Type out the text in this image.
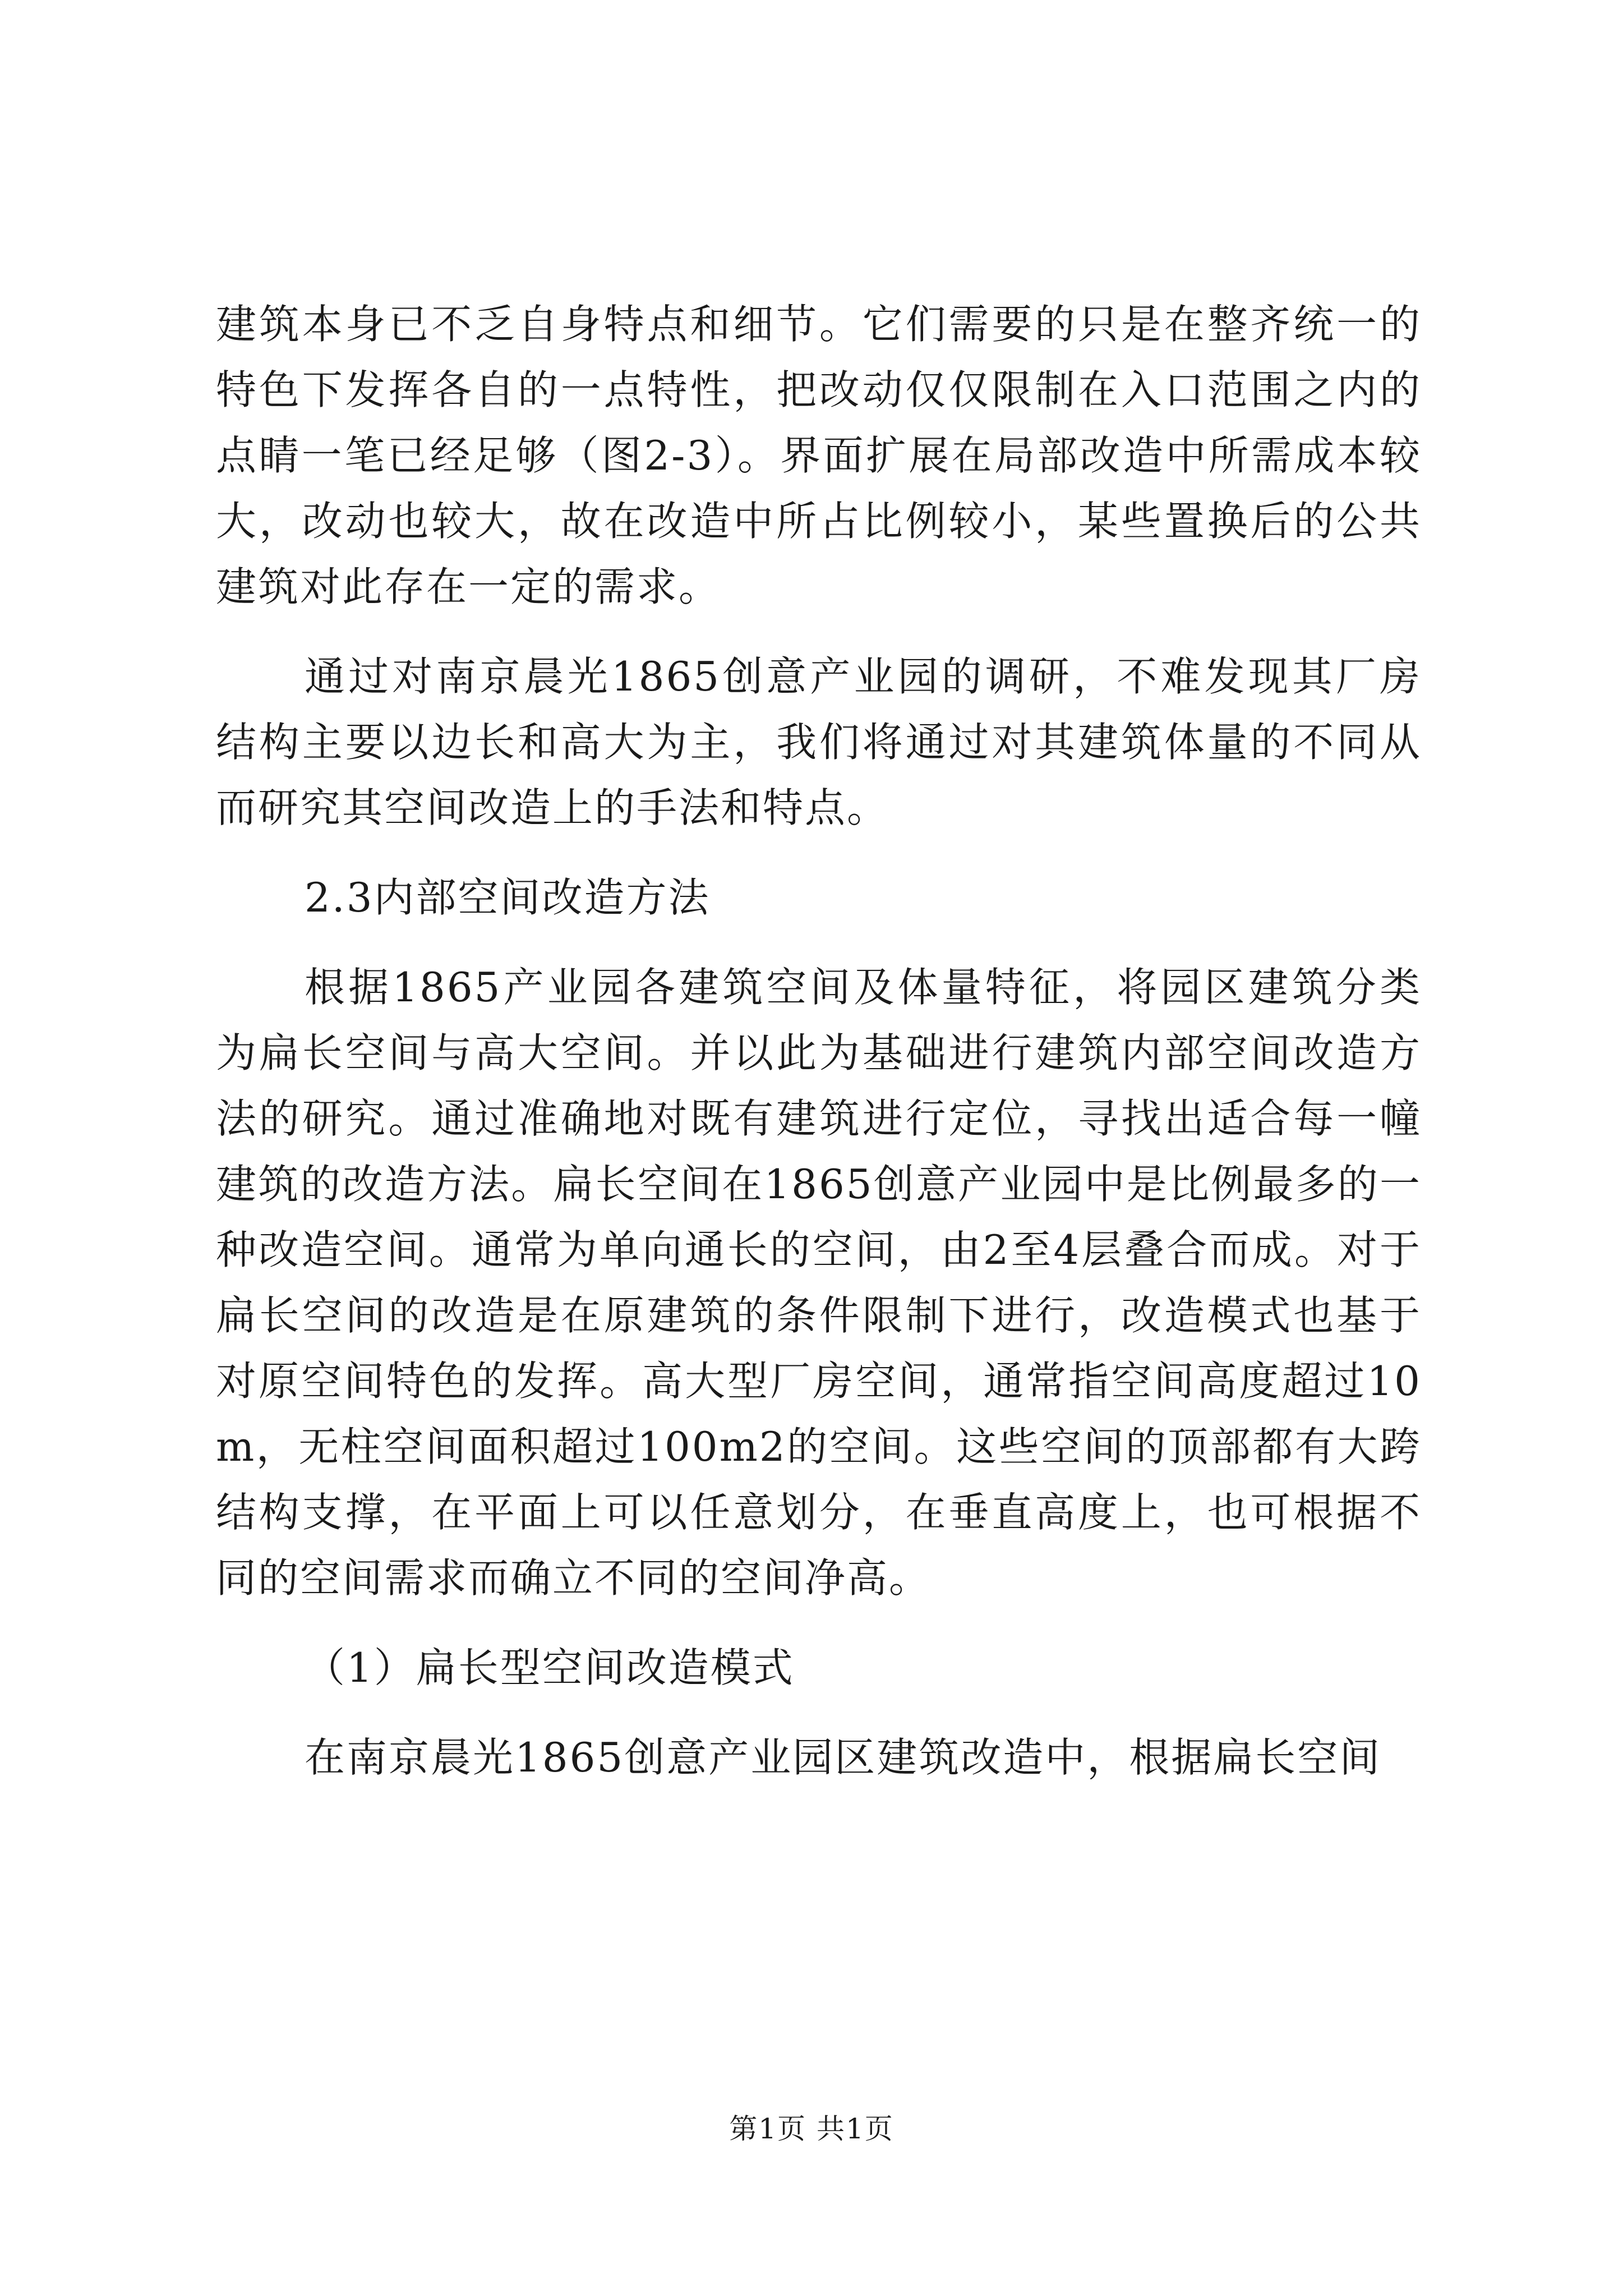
建筑本身已不乏自身特点和细节。它们需要的只是在整齐统一的特色下发挥各自的一点特性，把改动仅仅限制在入口范围之内的点睛一笔已经足够（图2-3）。界面扩展在局部改造中所需成本较大，改动也较大，故在改造中所占比例较小，某些置换后的公共建筑对此存在一定的需求。

通过对南京晨光1865创意产业园的调研，不难发现其厂房结构主要以边长和高大为主，我们将通过对其建筑体量的不同从而研究其空间改造上的手法和特点。

2.3内部空间改造方法

根据1865产业园各建筑空间及体量特征，将园区建筑分类为扁长空间与高大空间。并以此为基础进行建筑内部空间改造方法的研究。通过准确地对既有建筑进行定位，寻找出适合每一幢建筑的改造方法。扁长空间在1865创意产业园中是比例最多的一种改造空间。通常为单向通长的空间，由2至4层叠合而成。对于扁长空间的改造是在原建筑的条件限制下进行，改造模式也基于对原空间特色的发挥。高大型厂房空间，通常指空间高度超过10m，无柱空间面积超过100m2的空间。这些空间的顶部都有大跨结构支撑，在平面上可以任意划分，在垂直高度上，也可根据不同的空间需求而确立不同的空间净高。

（1）扁长型空间改造模式

在南京晨光1865创意产业园区建筑改造中，根据扁长空间

第1页 共1页
